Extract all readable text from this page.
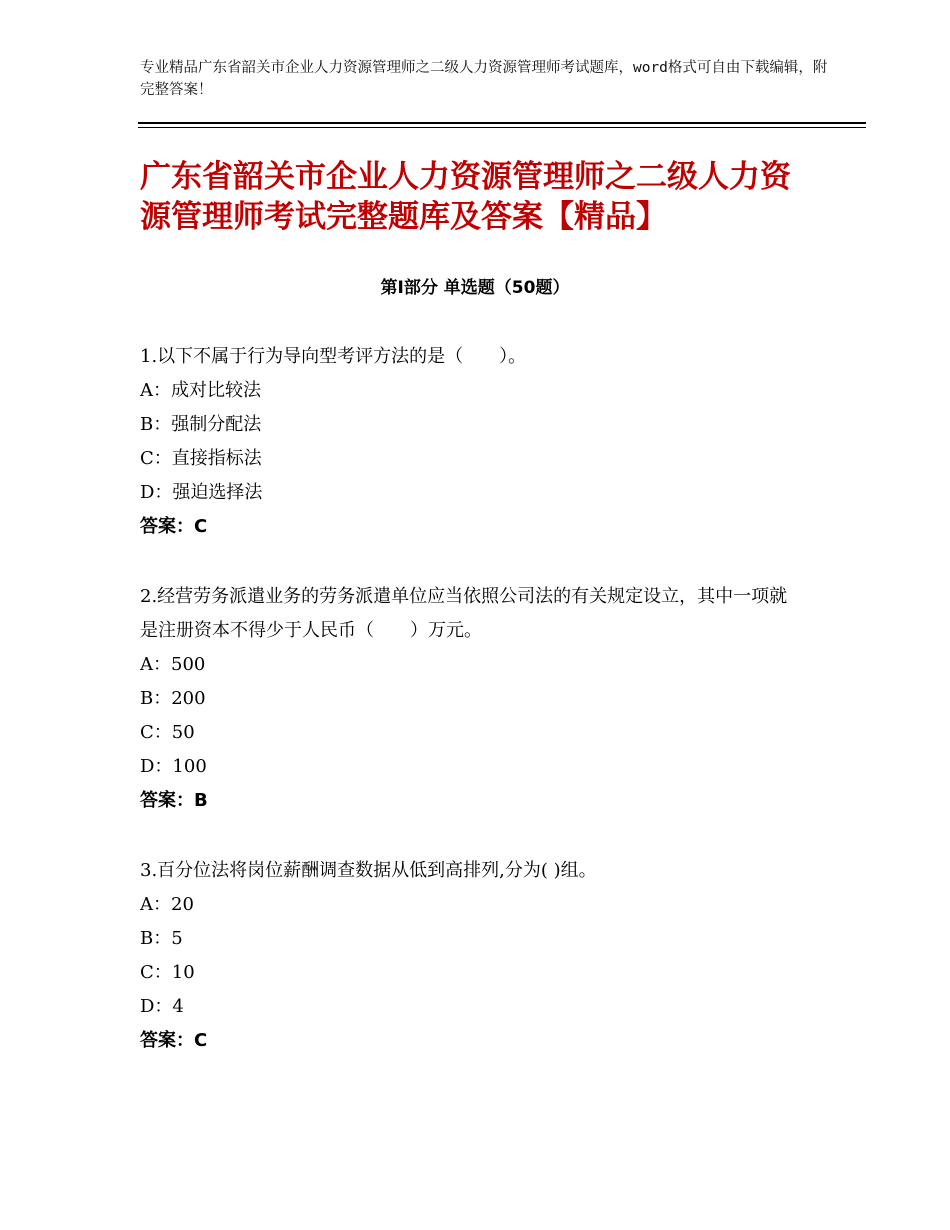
专业精品广东省韶关市企业人力资源管理师之二级人力资源管理师考试题库，word格式可自由下载编辑，附完整答案！
广东省韶关市企业人力资源管理师之二级人力资源管理师考试完整题库及答案【精品】
第Ⅰ部分 单选题（50题）

1.以下不属于行为导向型考评方法的是（　　）。

A：成对比较法

B：强制分配法

C：直接指标法

D：强迫选择法

答案：C

2.经营劳务派遣业务的劳务派遣单位应当依照公司法的有关规定设立，其中一项就是注册资本不得少于人民币（　　）万元。

A：500

B：200

C：50

D：100

答案：B

3.百分位法将岗位薪酬调查数据从低到高排列,分为( )组。

A：20

B：5

C：10

D：4

答案：C
